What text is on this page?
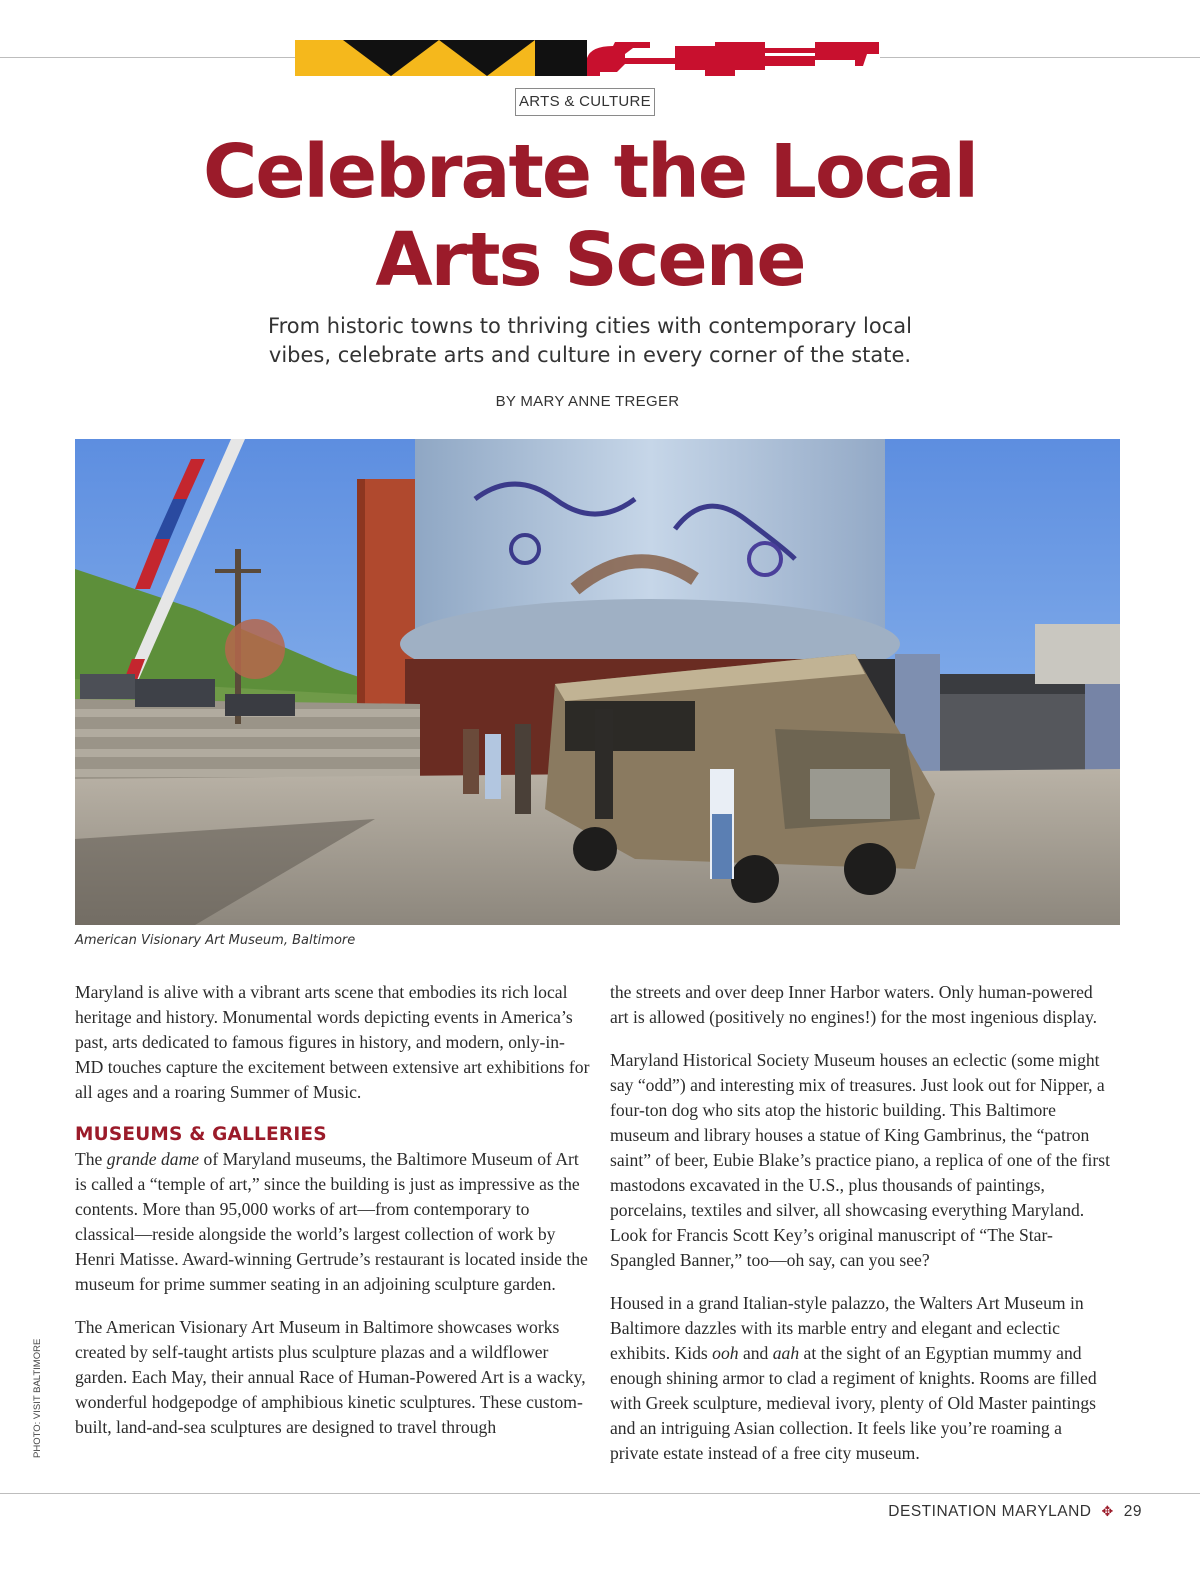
ARTS & CULTURE
Celebrate the Local
Arts Scene

From historic towns to thriving cities with contemporary local
vibes, celebrate arts and culture in every corner of the state.

BY MARY ANNE TREGER
American Visionary Art Museum, Baltimore
PHOTO: VISIT BALTIMORE

Maryland is alive with a vibrant arts scene that embodies its rich local heritage and history. Monumental words depicting events in America’s past, arts dedicated to famous figures in history, and modern, only-in-MD touches capture the excitement between extensive art exhibitions for all ages and a roaring Summer of Music.

MUSEUMS & GALLERIES

The grande dame of Maryland museums, the Baltimore Museum of Art is called a “temple of art,” since the building is just as impressive as the contents. More than 95,000 works of art—from contemporary to classical—reside alongside the world’s largest collection of work by Henri Matisse. Award-winning Gertrude’s restaurant is located inside the museum for prime summer seating in an adjoining sculpture garden.

The American Visionary Art Museum in Baltimore showcases works created by self-taught artists plus sculpture plazas and a wildflower garden. Each May, their annual Race of Human-Powered Art is a wacky, wonderful hodgepodge of amphibious kinetic sculptures. These custom-built, land-and-sea sculptures are designed to travel through

the streets and over deep Inner Harbor waters. Only human-powered art is allowed (positively no engines!) for the most ingenious display.

Maryland Historical Society Museum houses an eclectic (some might say “odd”) and interesting mix of treasures. Just look out for Nipper, a four-ton dog who sits atop the historic building. This Baltimore museum and library houses a statue of King Gambrinus, the “patron saint” of beer, Eubie Blake’s practice piano, a replica of one of the first mastodons excavated in the U.S., plus thousands of paintings, porcelains, textiles and silver, all showcasing everything Maryland. Look for Francis Scott Key’s original manuscript of “The Star-Spangled Banner,” too—oh say, can you see?

Housed in a grand Italian-style palazzo, the Walters Art Museum in Baltimore dazzles with its marble entry and elegant and eclectic exhibits. Kids ooh and aah at the sight of an Egyptian mummy and enough shining armor to clad a regiment of knights. Rooms are filled with Greek sculpture, medieval ivory, plenty of Old Master paintings and an intriguing Asian collection. It feels like you’re roaming a private estate instead of a free city museum.

DESTINATION MARYLAND ✥ 29
